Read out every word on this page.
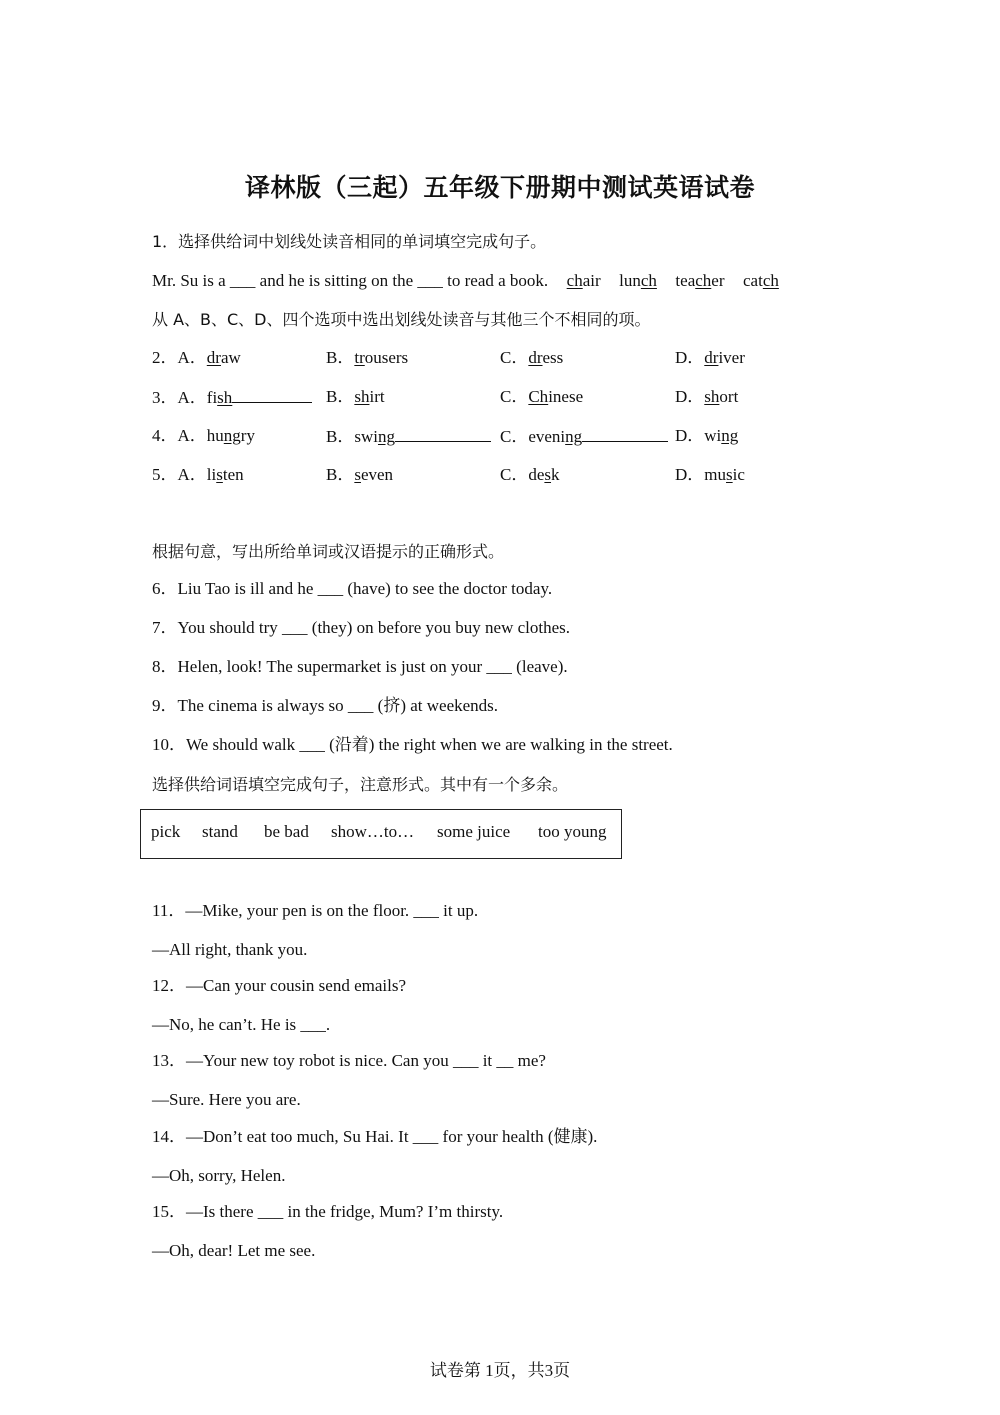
译林版（三起）五年级下册期中测试英语试卷
1．选择供给词中划线处读音相同的单词填空完成句子。
Mr. Su is a ___ and he is sitting on the ___ to read a book. chair lunch teacher catch
从 A、B、C、D、四个选项中选出划线处读音与其他三个不相同的项。
2．A．draw	B．trousers	C．dress	D．driver
3．A．fish	B．shirt	C．Chinese	D．short
4．A．hungry	B．swing	C．evening	D．wing
5．A．listen	B．seven	C．desk	D．music
根据句意，写出所给单词或汉语提示的正确形式。
6．Liu Tao is ill and he ___ (have) to see the doctor today.
7．You should try ___ (they) on before you buy new clothes.
8．Helen, look! The supermarket is just on your ___ (leave).
9．The cinema is always so ___ (挤) at weekends.
10．We should walk ___ (沿着) the right when we are walking in the street.
选择供给词语填空完成句子，注意形式。其中有一个多余。
pick stand be bad show…to… some juice too young
11．—Mike, your pen is on the floor. ___ it up.
—All right, thank you.
12．—Can your cousin send emails?
—No, he can’t. He is ___.
13．—Your new toy robot is nice. Can you ___ it __ me?
—Sure. Here you are.
14．—Don’t eat too much, Su Hai. It ___ for your health (健康).
—Oh, sorry, Helen.
15．—Is there ___ in the fridge, Mum? I’m thirsty.
—Oh, dear! Let me see.
试卷第 1页，共3页
